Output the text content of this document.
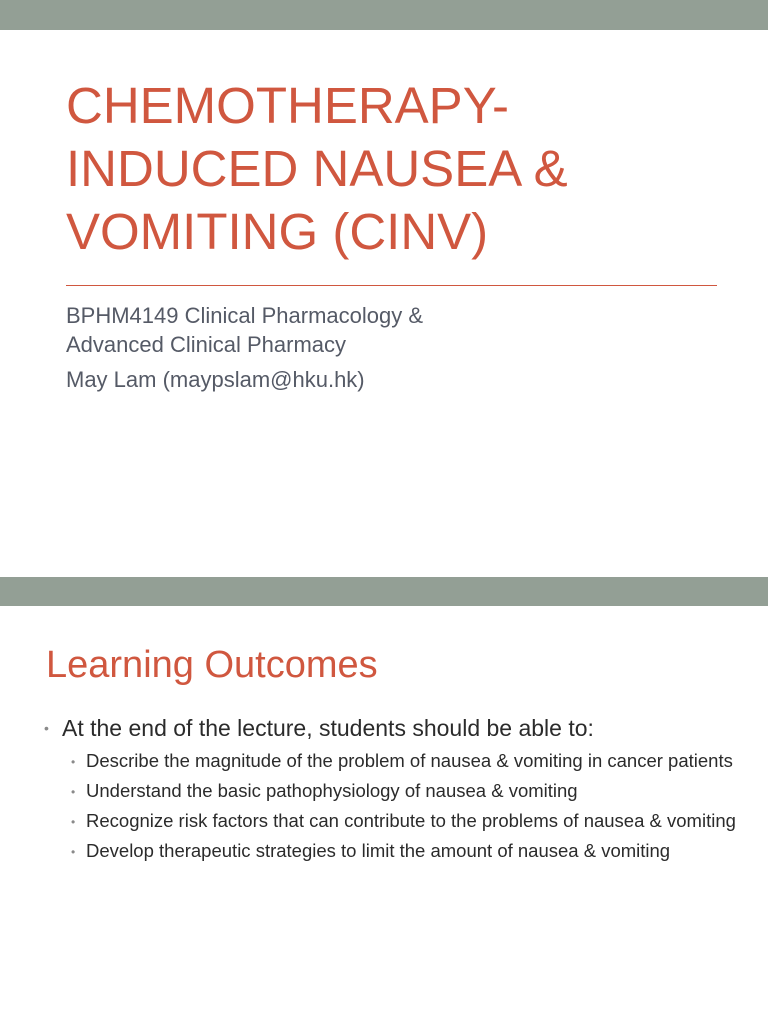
CHEMOTHERAPY-
INDUCED NAUSEA &
VOMITING (CINV)
BPHM4149 Clinical Pharmacology &
Advanced Clinical Pharmacy
May Lam (maypslam@hku.hk)
Learning Outcomes
• At the end of the lecture, students should be able to:
• Describe the magnitude of the problem of nausea & vomiting in cancer patients
• Understand the basic pathophysiology of nausea & vomiting
• Recognize risk factors that can contribute to the problems of nausea & vomiting
• Develop therapeutic strategies to limit the amount of nausea & vomiting
